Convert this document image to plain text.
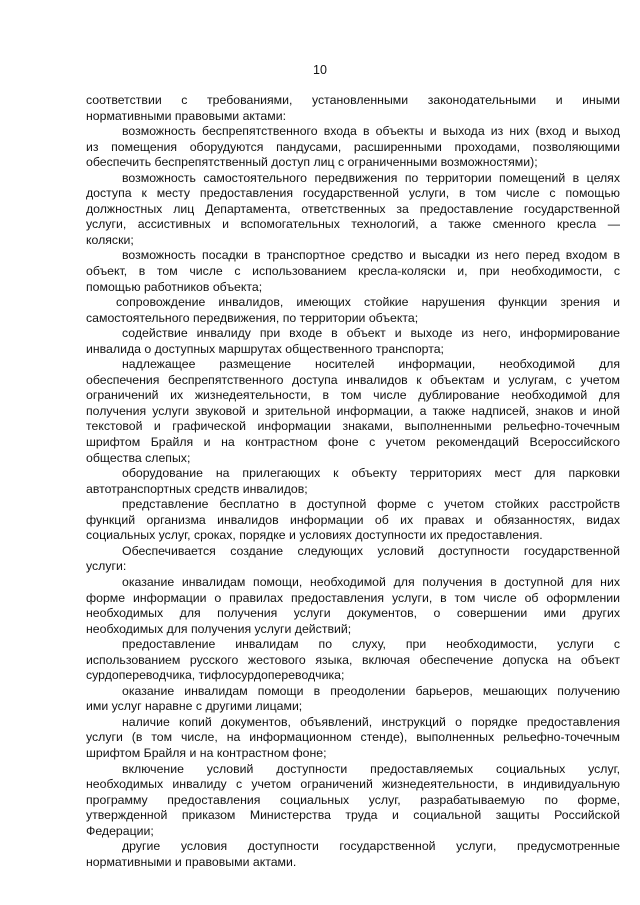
10
соответствии с требованиями, установленными законодательными и иными
нормативными правовыми актами:
возможность беспрепятственного входа в объекты и выхода из них (вход и выход
из помещения оборудуются пандусами, расширенными проходами, позволяющими
обеспечить беспрепятственный доступ лиц с ограниченными возможностями);
возможность самостоятельного передвижения по территории помещений в целях
доступа к месту предоставления государственной услуги, в том числе с помощью
должностных лиц Департамента, ответственных за предоставление государственной
услуги, ассистивных и вспомогательных технологий, а также сменного кресла —
коляски;
возможность посадки в транспортное средство и высадки из него перед входом в
объект, в том числе с использованием кресла-коляски и, при необходимости, с
помощью работников объекта;
сопровождение инвалидов, имеющих стойкие нарушения функции зрения и
самостоятельного передвижения, по территории объекта;
содействие инвалиду при входе в объект и выходе из него, информирование
инвалида о доступных маршрутах общественного транспорта;
надлежащее размещение носителей информации, необходимой для
обеспечения беспрепятственного доступа инвалидов к объектам и услугам, с учетом
ограничений их жизнедеятельности, в том числе дублирование необходимой для
получения услуги звуковой и зрительной информации, а также надписей, знаков и иной
текстовой и графической информации знаками, выполненными рельефно-точечным
шрифтом Брайля и на контрастном фоне с учетом рекомендаций Всероссийского
общества слепых;
оборудование на прилегающих к объекту территориях мест для парковки
автотранспортных средств инвалидов;
представление бесплатно в доступной форме с учетом стойких расстройств
функций организма инвалидов информации об их правах и обязанностях, видах
социальных услуг, сроках, порядке и условиях доступности их предоставления.
Обеспечивается создание следующих условий доступности государственной
услуги:
оказание инвалидам помощи, необходимой для получения в доступной для них
форме информации о правилах предоставления услуги, в том числе об оформлении
необходимых для получения услуги документов, о совершении ими других
необходимых для получения услуги действий;
предоставление инвалидам по слуху, при необходимости, услуги с
использованием русского жестового языка, включая обеспечение допуска на объект
сурдопереводчика, тифлосурдопереводчика;
оказание инвалидам помощи в преодолении барьеров, мешающих получению
ими услуг наравне с другими лицами;
наличие копий документов, объявлений, инструкций о порядке предоставления
услуги (в том числе, на информационном стенде), выполненных рельефно-точечным
шрифтом Брайля и на контрастном фоне;
включение условий доступности предоставляемых социальных услуг,
необходимых инвалиду с учетом ограничений жизнедеятельности, в индивидуальную
программу предоставления социальных услуг, разрабатываемую по форме,
утвержденной приказом Министерства труда и социальной защиты Российской
Федерации;
другие условия доступности государственной услуги, предусмотренные
нормативными и правовыми актами.
